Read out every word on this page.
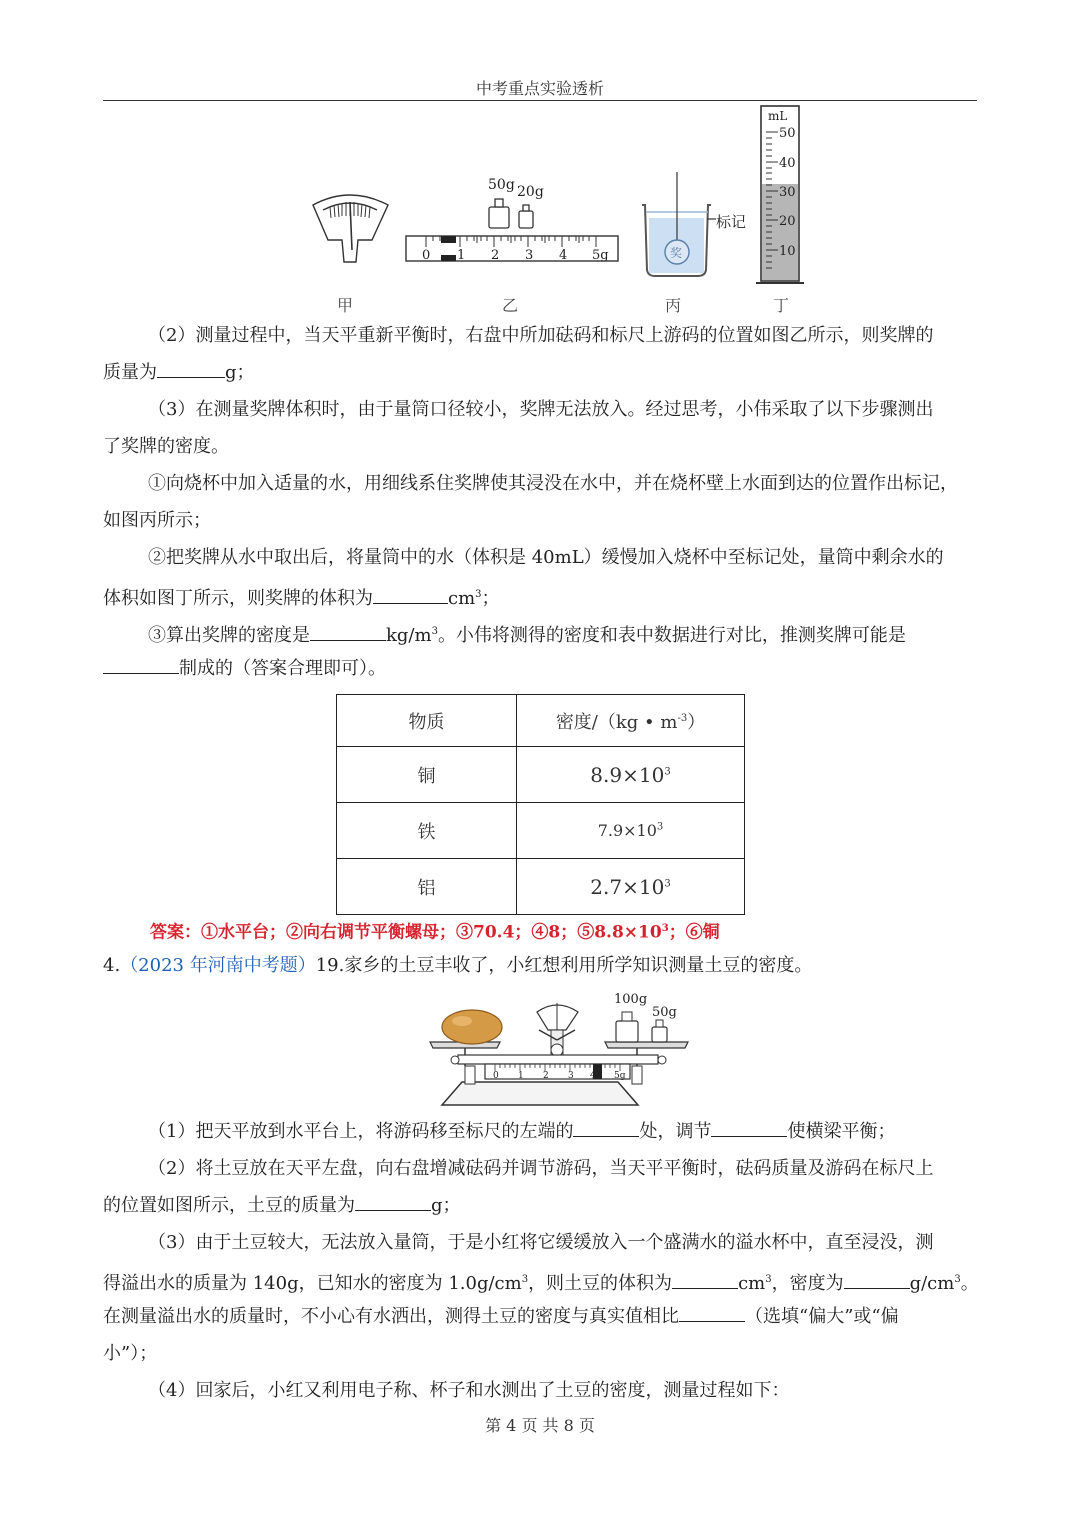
中考重点实验透析
50g 20g
0 1 2 3 4 5g	奖
标记
mL
50
40
30
20
10
甲	乙	丙	丁
（2）测量过程中，当天平重新平衡时，右盘中所加砝码和标尺上游码的位置如图乙所示，则奖牌的
质量为	g；
（3）在测量奖牌体积时，由于量筒口径较小，奖牌无法放入。经过思考，小伟采取了以下步骤测出
了奖牌的密度。
①向烧杯中加入适量的水，用细线系住奖牌使其浸没在水中，并在烧杯壁上水面到达的位置作出标记，
如图丙所示；
②把奖牌从水中取出后，将量筒中的水（体积是 40mL）缓慢加入烧杯中至标记处，量筒中剩余水的
体积如图丁所示，则奖牌的体积为	$cm^3$；
③算出奖牌的密度是	$kg/m^3$。小伟将测得的密度和表中数据进行对比，推测奖牌可能是
制成的（答案合理即可）。
物质	密度/（kg • $m^{-3}$）
铜	$8.9\times 10^3$
铁	$7.9\times 10^3$
铝	$2.7\times 10^3$
答案：①水平台；②向右调节平衡螺母；③70.4；④8；$⑤8.8\times 10^3$；⑥铜
4.（2023 年河南中考题）19.家乡的土豆丰收了，小红想利用所学知识测量土豆的密度。
0 1 2 3 4 5g
100g
50g
（1）把天平放到水平台上，将游码移至标尺的左端的	处，调节	使横梁平衡；
（2）将土豆放在天平左盘，向右盘增减砝码并调节游码，当天平平衡时，砝码质量及游码在标尺上
的位置如图所示，土豆的质量为	g；
（3）由于土豆较大，无法放入量筒，于是小红将它缓缓放入一个盛满水的溢水杯中，直至浸没，测
得溢出水的质量为 140g，已知水的密度为 $1.0g/cm^3$，则土豆的体积为	$cm^3$，密度为	$g/cm^3$。
在测量溢出水的质量时，不小心有水洒出，测得土豆的密度与真实值相比	（选填“偏大”或“偏
小”）；
（4）回家后，小红又利用电子称、杯子和水测出了土豆的密度，测量过程如下：
第 4 页 共 8 页
